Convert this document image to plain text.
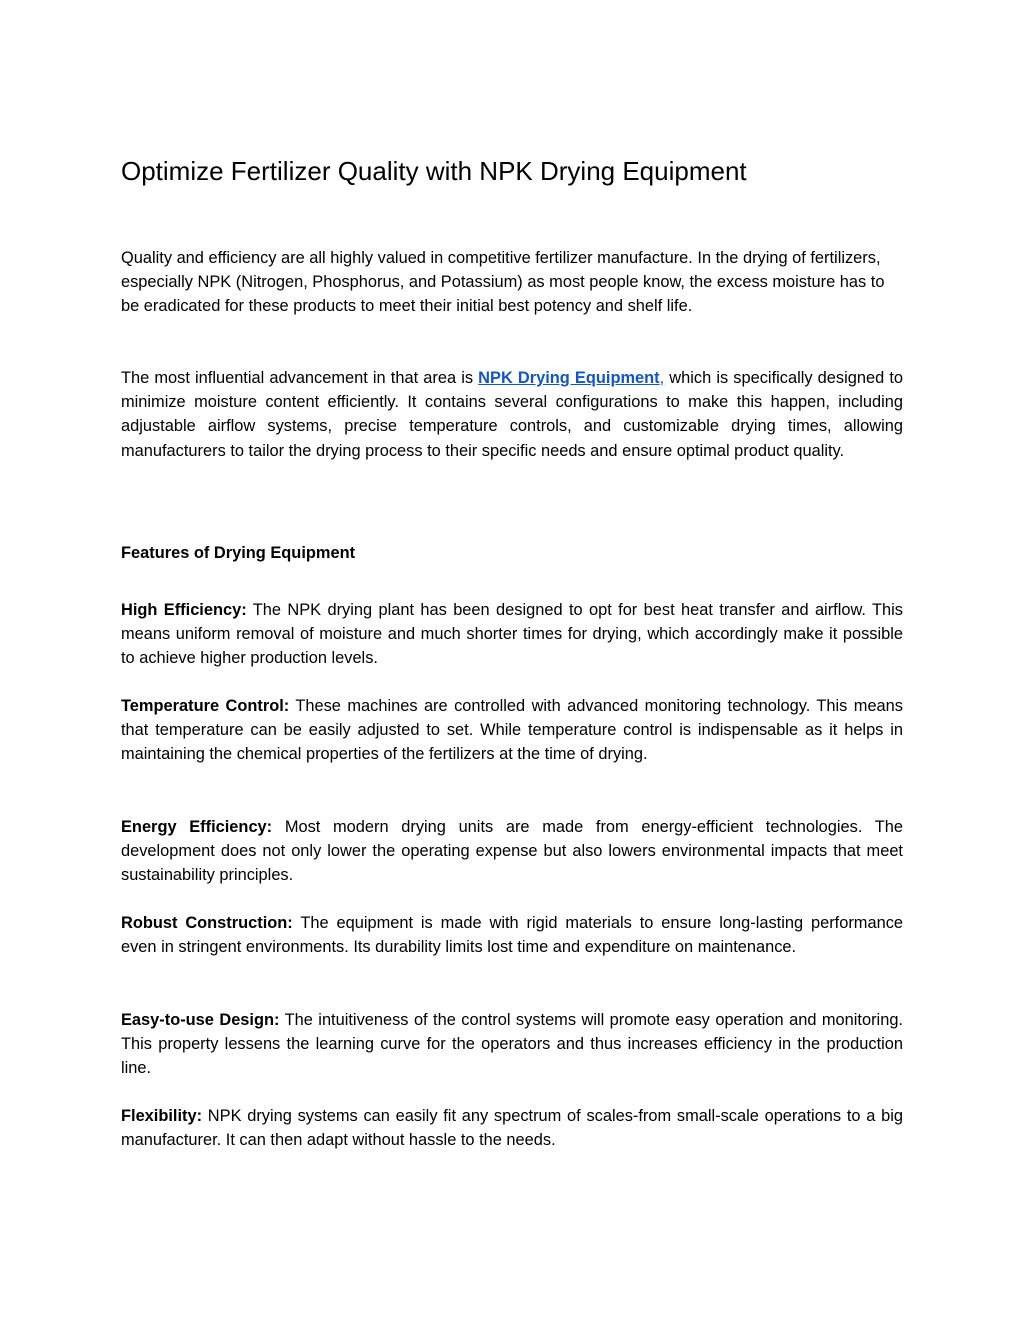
Optimize Fertilizer Quality with NPK Drying Equipment

Quality and efficiency are all highly valued in competitive fertilizer manufacture. In the drying of fertilizers, especially NPK (Nitrogen, Phosphorus, and Potassium) as most people know, the excess moisture has to be eradicated for these products to meet their initial best potency and shelf life.

The most influential advancement in that area is NPK Drying Equipment, which is specifically designed to minimize moisture content efficiently. It contains several configurations to make this happen, including adjustable airflow systems, precise temperature controls, and customizable drying times, allowing manufacturers to tailor the drying process to their specific needs and ensure optimal product quality.

Features of Drying Equipment

High Efficiency: The NPK drying plant has been designed to opt for best heat transfer and airflow. This means uniform removal of moisture and much shorter times for drying, which accordingly make it possible to achieve higher production levels.

Temperature Control: These machines are controlled with advanced monitoring technology. This means that temperature can be easily adjusted to set. While temperature control is indispensable as it helps in maintaining the chemical properties of the fertilizers at the time of drying.

Energy Efficiency: Most modern drying units are made from energy-efficient technologies. The development does not only lower the operating expense but also lowers environmental impacts that meet sustainability principles.

Robust Construction: The equipment is made with rigid materials to ensure long-lasting performance even in stringent environments. Its durability limits lost time and expenditure on maintenance.

Easy-to-use Design: The intuitiveness of the control systems will promote easy operation and monitoring. This property lessens the learning curve for the operators and thus increases efficiency in the production line.

Flexibility: NPK drying systems can easily fit any spectrum of scales-from small-scale operations to a big manufacturer. It can then adapt without hassle to the needs.
